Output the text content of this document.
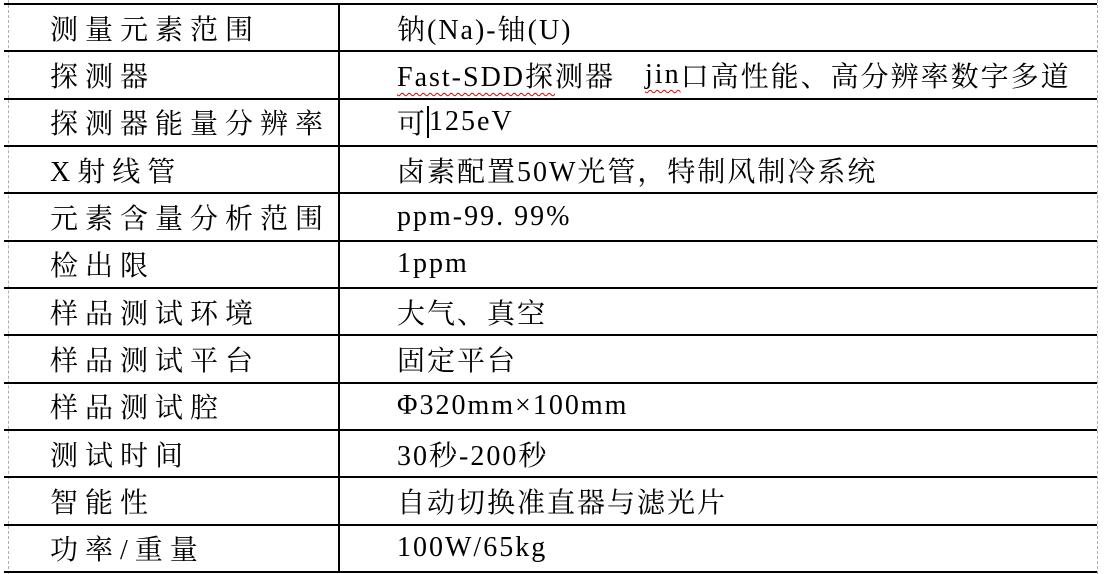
测量元素范围	钠(Na)-铀(U)
探测器	Fast-SDD探 测器　 jin 口高性能、高分辨率数字多道
探测器能量分辨率 可 125eV
X射线管	卤素配置50W光管，特制风制冷系统
元素含量分析范围 ppm-99. 99%
检出限	1ppm
样品测试环境	大气、真空
样品测试平台	固定平台
样品测试腔	Φ320mm×100mm
测试时间	30秒-200秒
智能性	自动切换准直器与滤光片
功率/重量	100W/65kg
